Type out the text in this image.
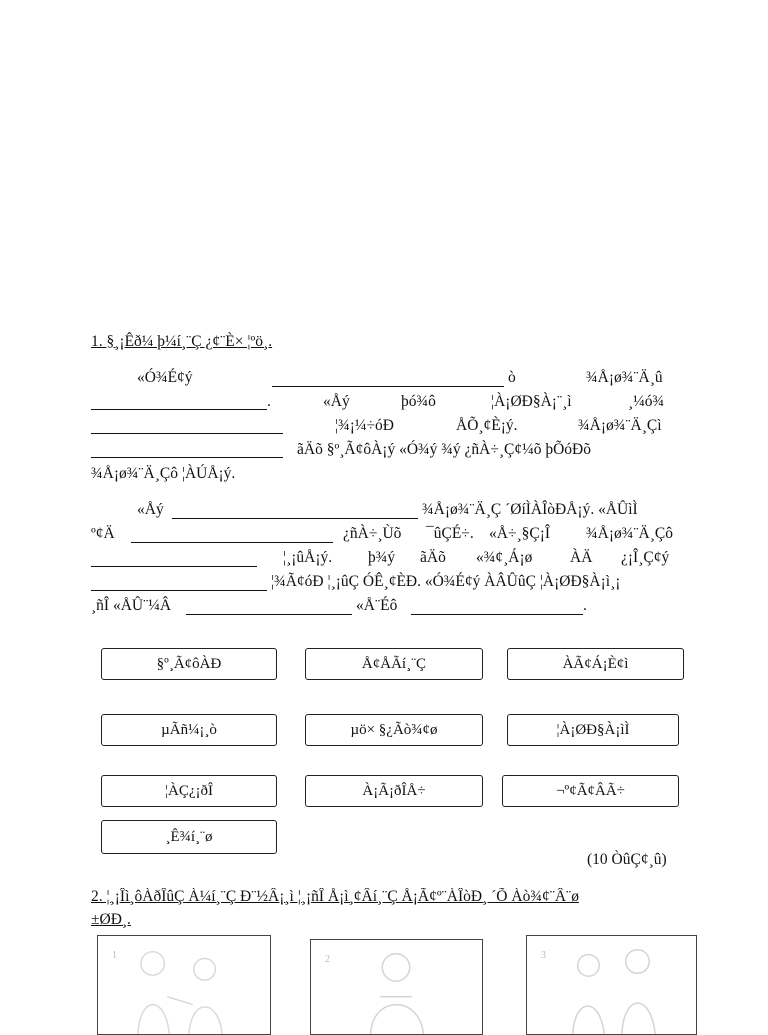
1. §¸¡Êð¼ þ¼í¸¨Ç ¿¢¨È× ¦ºö¸.
«Ó¾É¢ý	ò	¾Å¡ø¾¨Ä¸û
.	«Åý	þó¾ô	¦À¡ØÐ§À¡¨¸ì	¸¼ó¾
¦¾¡¼÷óÐ	ÅÕ¸¢È¡ý.	¾Å¡ø¾¨Ä¸Çì
ãÄõ §º¸Ã¢ôÀ¡ý «Ó¾ý ¾ý ¿ñÀ÷¸Ç¢¼õ þÕóÐõ
¾Å¡ø¾¨Ä¸Çô ¦ÀÚÅ¡ý.
«Åý	¾Å¡ø¾¨Ä¸Ç ´ØíÌÀÎòÐÅ¡ý. «ÅÛìÌ
º¢Ä	¿ñÀ÷¸Ùõ ¯ûÇÉ÷. «Å÷¸§Ç¡Î ¾Å¡ø¾¨Ä¸Çô
¦¸¡ûÅ¡ý. þ¾ý ãÄõ «¾¢¸Á¡ø ÀÄ ¿¡Î¸Ç¢ý
¦¾Ã¢óÐ ¦¸¡ûÇ ÓÊ¸¢ÈÐ. «Ó¾É¢ý ÀÂÛûÇ ¦À¡ØÐ§À¡ì¸¡
¸ñÎ «ÅÛ¨¼Â	«Å¨Éô	.
§º¸Ã¢ôÀÐ	Å¢ÅÃí¸¨Ç	ÀÃ¢Á¡È¢ì
µÃñ¼¡¸ò	µö× §¿Ãò¾¢ø	¦À¡ØÐ§À¡ìÌ
¦ÀÇ¿¡ðÎ	À¡Ã¡ðÎÅ÷	¬º¢Ã¢ÂÃ÷
¸Ê¾í¸¨ø
(10 ÒûÇ¢¸û)
2. ¦¸¡Îì¸ôÀðÎûÇ À¼í¸¨Ç Ð¨½Â¡¸ì ¦¸¡ñÎ Å¡ì¸¢Âí¸¨Ç Å¡Ã¢º¨ÀÎòÐ¸ ´Õ Àò¾¢¨Â¨ø
±ØÐ¸.
1	2	3
